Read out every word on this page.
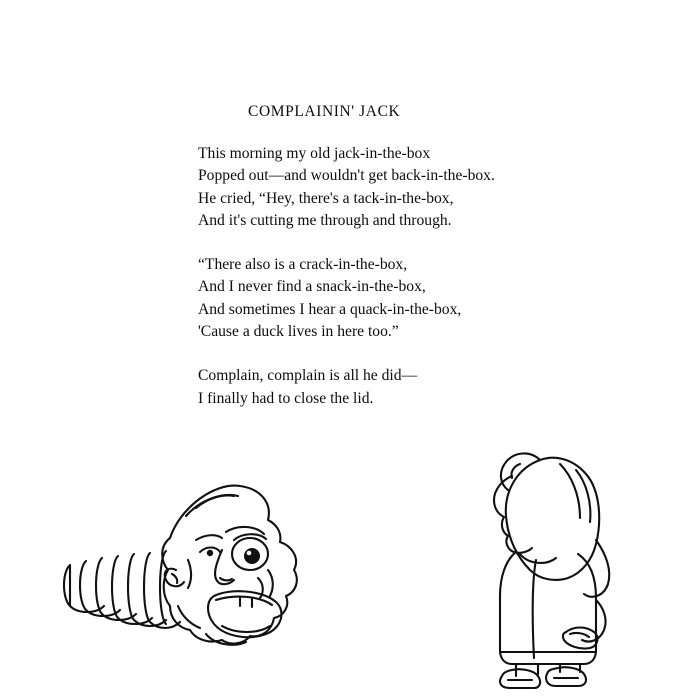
COMPLAININ' JACK
This morning my old jack-in-the-box
Popped out—and wouldn't get back-in-the-box.
He cried, “Hey, there's a tack-in-the-box,
And it's cutting me through and through.
“There also is a crack-in-the-box,
And I never find a snack-in-the-box,
And sometimes I hear a quack-in-the-box,
'Cause a duck lives in here too.”
Complain, complain is all he did—
I finally had to close the lid.
